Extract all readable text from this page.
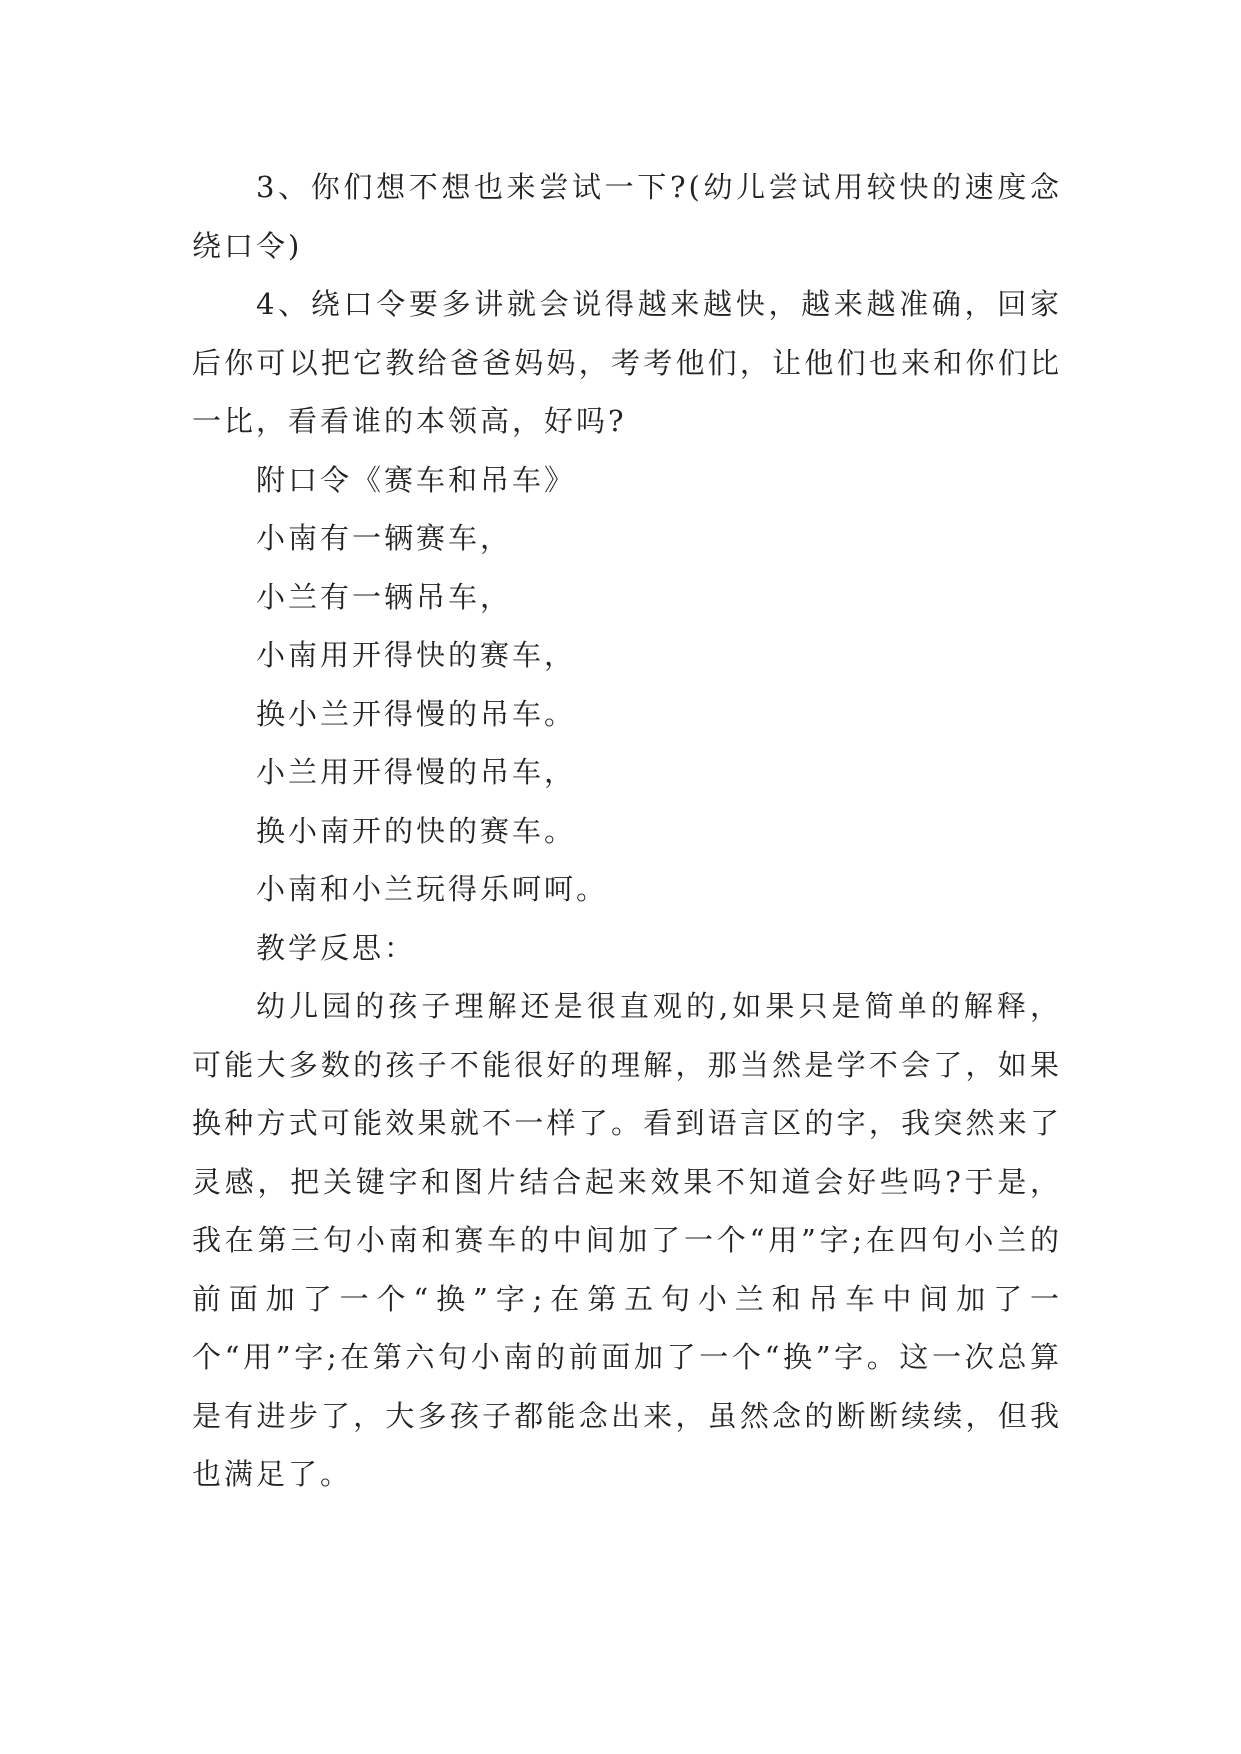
3、你们想不想也来尝试一下?(幼儿尝试用较快的速度念绕口令)

4、绕口令要多讲就会说得越来越快，越来越准确，回家后你可以把它教给爸爸妈妈，考考他们，让他们也来和你们比一比，看看谁的本领高，好吗?

附口令《赛车和吊车》

小南有一辆赛车，

小兰有一辆吊车，

小南用开得快的赛车，

换小兰开得慢的吊车。

小兰用开得慢的吊车，

换小南开的快的赛车。

小南和小兰玩得乐呵呵。

教学反思：

幼儿园的孩子理解还是很直观的,如果只是简单的解释，可能大多数的孩子不能很好的理解，那当然是学不会了，如果换种方式可能效果就不一样了。看到语言区的字，我突然来了灵感，把关键字和图片结合起来效果不知道会好些吗?于是，我在第三句小南和赛车的中间加了一个“用”字;在四句小兰的前面加了一个“换”字;在第五句小兰和吊车中间加了一个“用”字;在第六句小南的前面加了一个“换”字。这一次总算是有进步了，大多孩子都能念出来，虽然念的断断续续，但我也满足了。
